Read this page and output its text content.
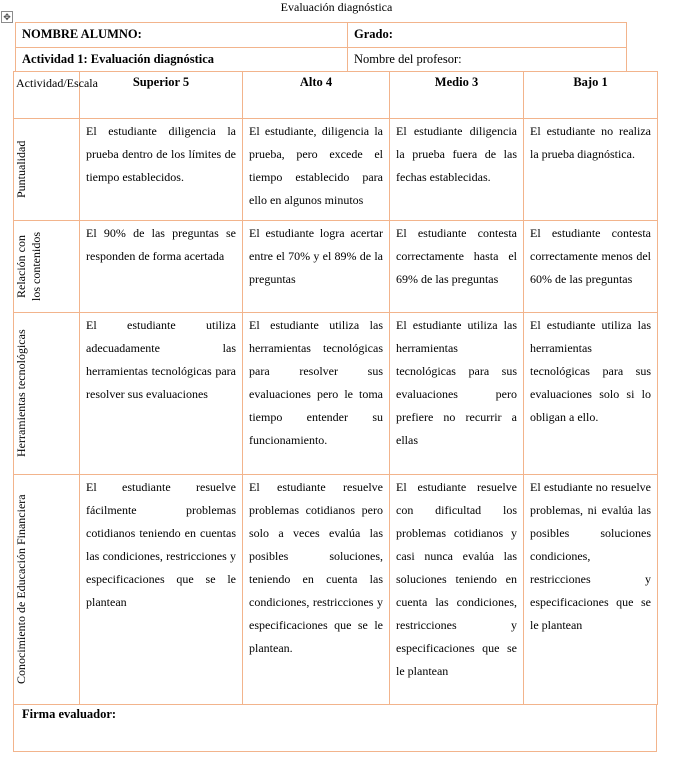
Evaluación diagnóstica
✥
NOMBRE ALUMNO:	Grado:
Actividad 1: Evaluación diagnóstica	Nombre del profesor:
Actividad/Escala	Superior 5	Alto 4	Medio 3	Bajo 1

Puntualidad	El estudiante diligencia la prueba dentro de los límites de tiempo establecidos.	El estudiante, diligencia la prueba, pero excede el tiempo establecido para ello en algunos minutos	El estudiante diligencia la prueba fuera de las fechas establecidas.	El estudiante no realiza la prueba diagnóstica.

Relación con los contenidos	El 90% de las preguntas se responden de forma acertada	El estudiante logra acertar entre el 70% y el 89% de la preguntas	El estudiante contesta correctamente hasta el 69% de las preguntas	El estudiante contesta correctamente menos del 60% de las preguntas

Herramientas tecnológicas	El estudiante utiliza adecuadamente las herramientas tecnológicas para resolver sus evaluaciones	El estudiante utiliza las herramientas tecnológicas para resolver sus evaluaciones pero le toma tiempo entender su funcionamiento.	El estudiante utiliza las herramientas tecnológicas para sus evaluaciones pero prefiere no recurrir a ellas	El estudiante utiliza las herramientas tecnológicas para sus evaluaciones solo si lo obligan a ello.

Conocimiento de Educación Financiera	El estudiante resuelve fácilmente problemas cotidianos teniendo en cuentas las condiciones, restricciones y especificaciones que se le plantean	El estudiante resuelve problemas cotidianos pero solo a veces evalúa las posibles soluciones, teniendo en cuenta las condiciones, restricciones y especificaciones que se le plantean.	El estudiante resuelve con dificultad los problemas cotidianos y casi nunca evalúa las soluciones teniendo en cuenta las condiciones, restricciones y especificaciones que se le plantean	El estudiante no resuelve problemas, ni evalúa las posibles soluciones condiciones, restricciones y especificaciones que se le plantean
Firma evaluador:
